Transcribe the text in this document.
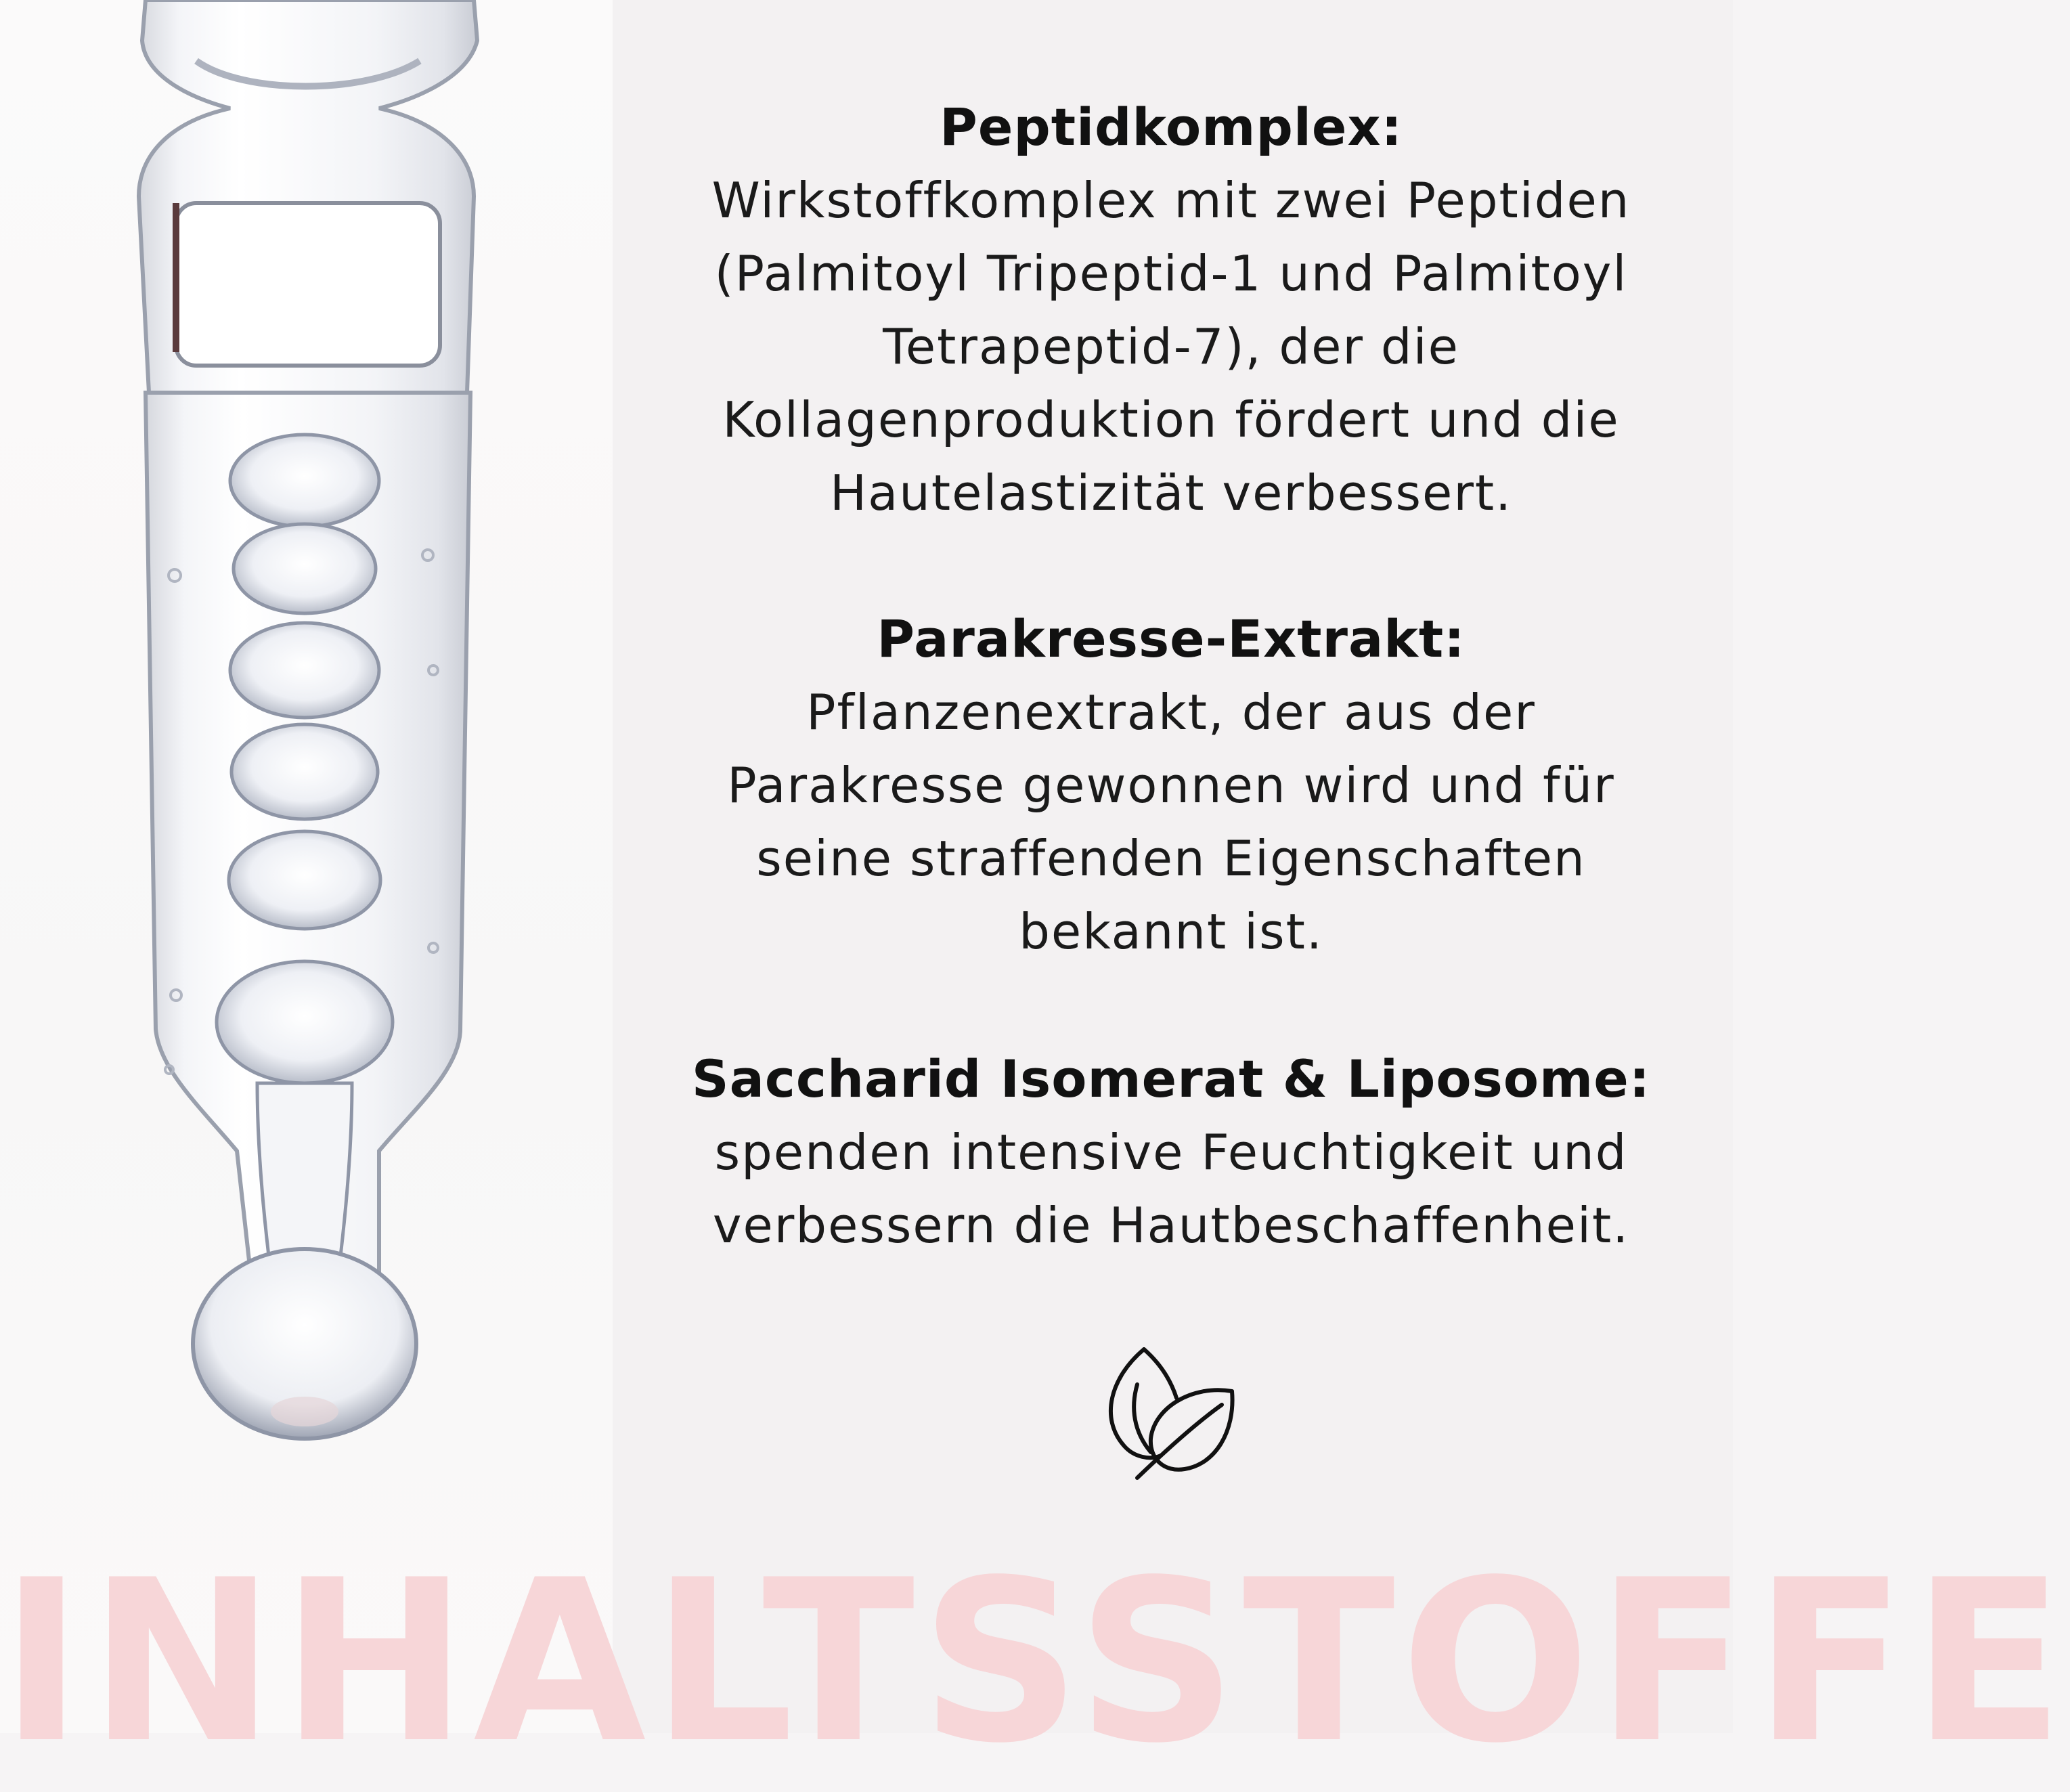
Peptidkomplex:
Wirkstoffkomplex mit zwei Peptiden
(Palmitoyl Tripeptid-1 und Palmitoyl
Tetrapeptid-7), der die
Kollagenproduktion fördert und die
Hautelastizität verbessert.
Parakresse-Extrakt:
Pflanzenextrakt, der aus der
Parakresse gewonnen wird und für
seine straffenden Eigenschaften
bekannt ist.
Saccharid Isomerat & Liposome:
spenden intensive Feuchtigkeit und
verbessern die Hautbeschaffenheit.
INHALTSSTOFFE
